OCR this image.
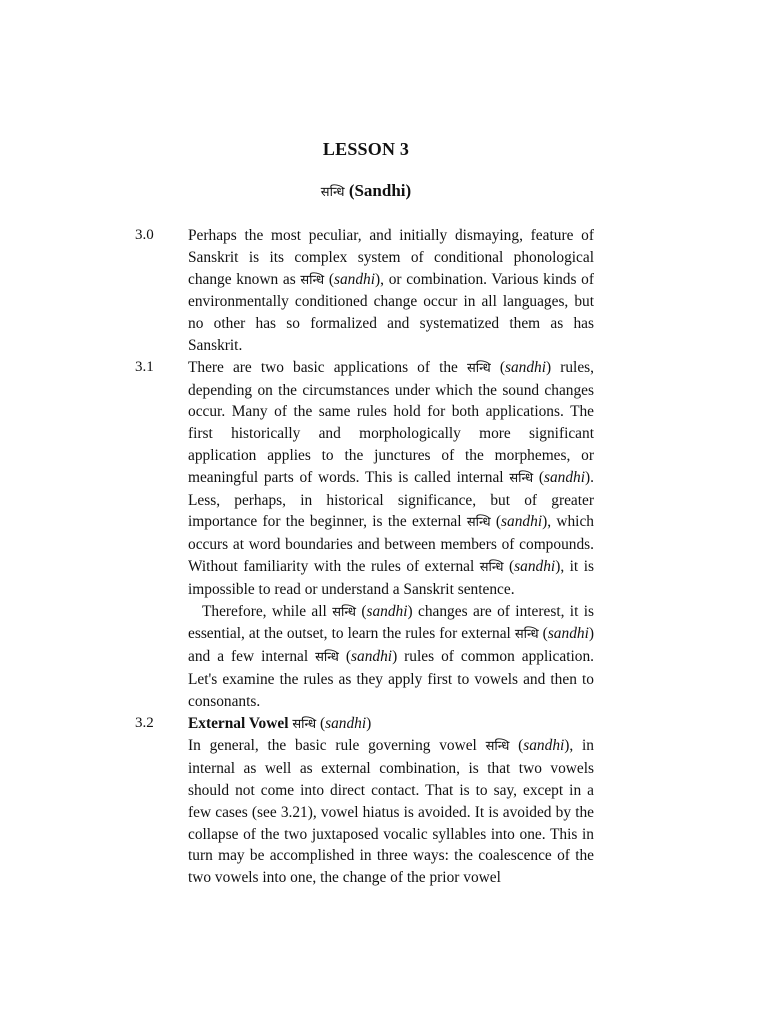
LESSON 3
सन्धि (Sandhi)
3.0 Perhaps the most peculiar, and initially dismaying, feature of Sanskrit is its complex system of conditional phonological change known as सन्धि (sandhi), or combination. Various kinds of environmentally conditioned change occur in all languages, but no other has so formalized and systematized them as has Sanskrit.

3.1 There are two basic applications of the सन्धि (sandhi) rules, depending on the circumstances under which the sound changes occur. Many of the same rules hold for both applications. The first historically and morphologically more significant application applies to the junctures of the morphemes, or meaningful parts of words. This is called internal सन्धि (sandhi). Less, perhaps, in historical significance, but of greater importance for the beginner, is the external सन्धि (sandhi), which occurs at word boundaries and between members of compounds. Without familiarity with the rules of external सन्धि (sandhi), it is impossible to read or understand a Sanskrit sentence.

Therefore, while all सन्धि (sandhi) changes are of interest, it is essential, at the outset, to learn the rules for external सन्धि (sandhi) and a few internal सन्धि (sandhi) rules of common application. Let's examine the rules as they apply first to vowels and then to consonants.

3.2 External Vowel सन्धि (sandhi)

In general, the basic rule governing vowel सन्धि (sandhi), in internal as well as external combination, is that two vowels should not come into direct contact. That is to say, except in a few cases (see 3.21), vowel hiatus is avoided. It is avoided by the collapse of the two juxtaposed vocalic syllables into one. This in turn may be accomplished in three ways: the coalescence of the two vowels into one, the change of the prior vowel
